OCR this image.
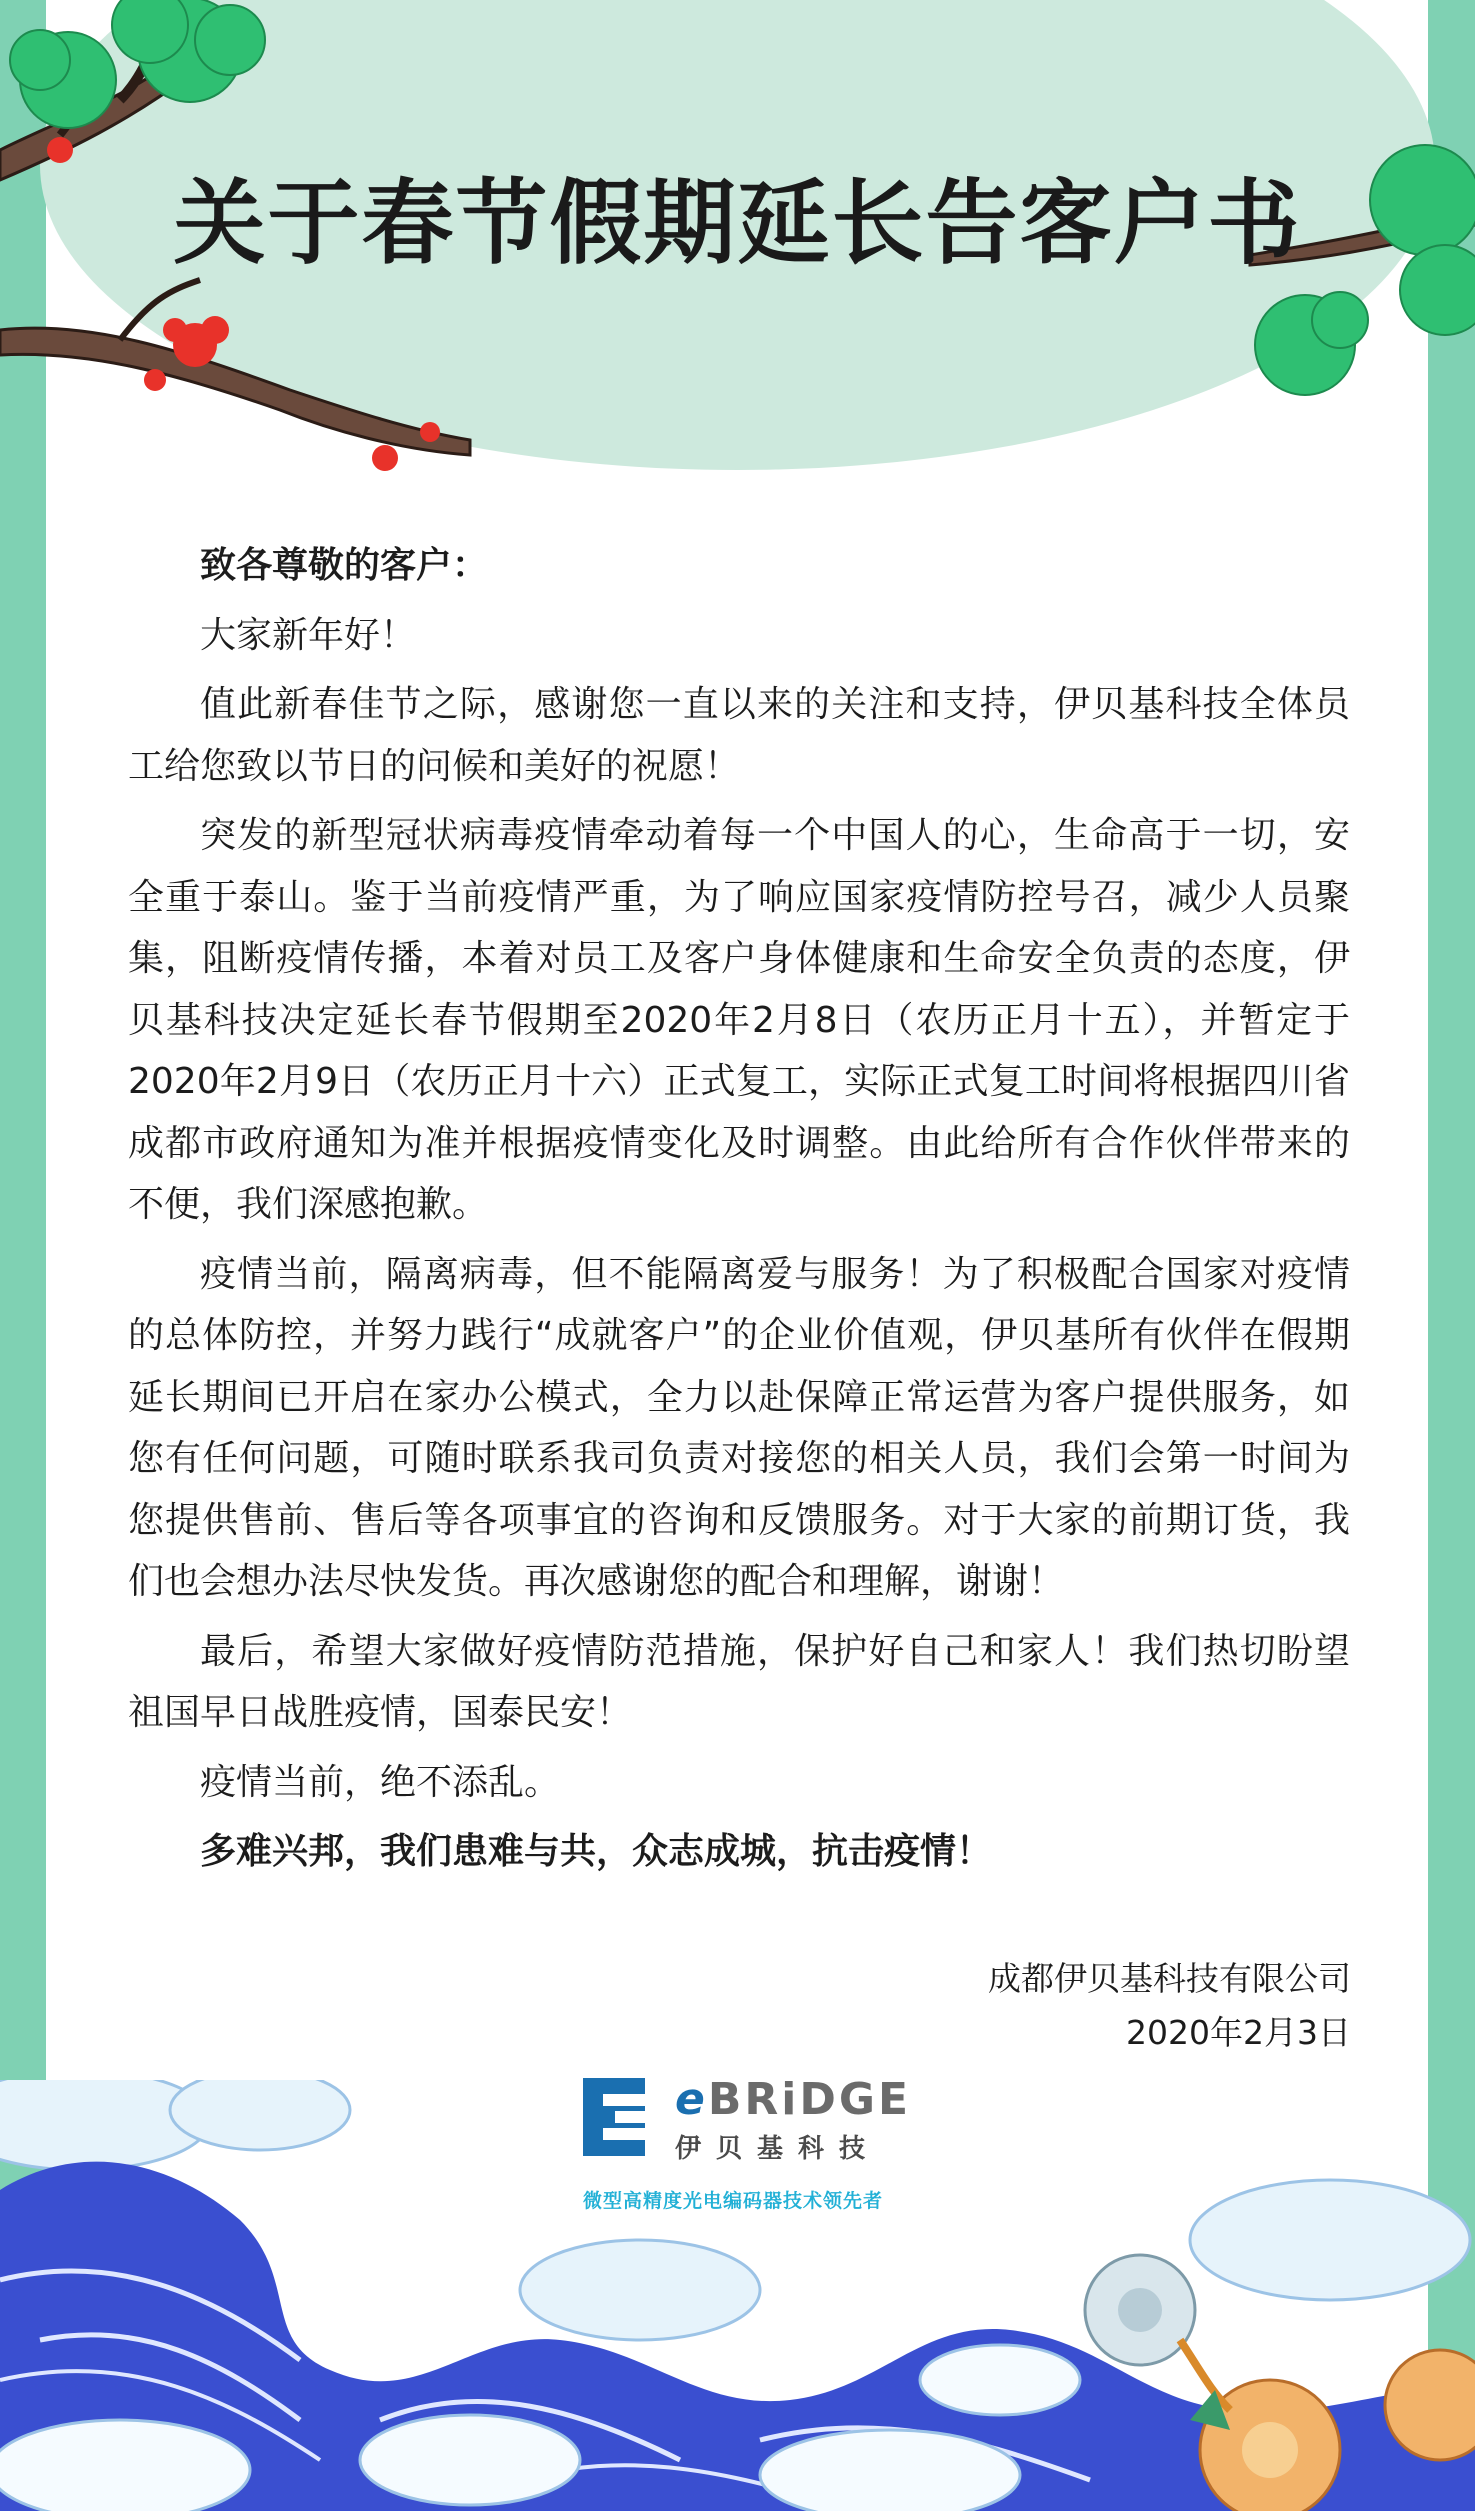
关于春节假期延长告客户书

致各尊敬的客户：

大家新年好！

值此新春佳节之际，感谢您一直以来的关注和支持，伊贝基科技全体员工给您致以节日的问候和美好的祝愿！

突发的新型冠状病毒疫情牵动着每一个中国人的心，生命高于一切，安全重于泰山。鉴于当前疫情严重，为了响应国家疫情防控号召，减少人员聚集，阻断疫情传播，本着对员工及客户身体健康和生命安全负责的态度，伊贝基科技决定延长春节假期至2020年2月8日（农历正月十五），并暂定于2020年2月9日（农历正月十六）正式复工，实际正式复工时间将根据四川省成都市政府通知为准并根据疫情变化及时调整。由此给所有合作伙伴带来的不便，我们深感抱歉。

疫情当前，隔离病毒，但不能隔离爱与服务！为了积极配合国家对疫情的总体防控，并努力践行“成就客户”的企业价值观，伊贝基所有伙伴在假期延长期间已开启在家办公模式，全力以赴保障正常运营为客户提供服务，如您有任何问题，可随时联系我司负责对接您的相关人员，我们会第一时间为您提供售前、售后等各项事宜的咨询和反馈服务。对于大家的前期订货，我们也会想办法尽快发货。再次感谢您的配合和理解，谢谢！

最后，希望大家做好疫情防范措施，保护好自己和家人！我们热切盼望祖国早日战胜疫情，国泰民安！

疫情当前，绝不添乱。

多难兴邦，我们患难与共，众志成城，抗击疫情！

成都伊贝基科技有限公司
2020年2月3日
eBRiDGE
伊贝基科技
微型高精度光电编码器技术领先者
